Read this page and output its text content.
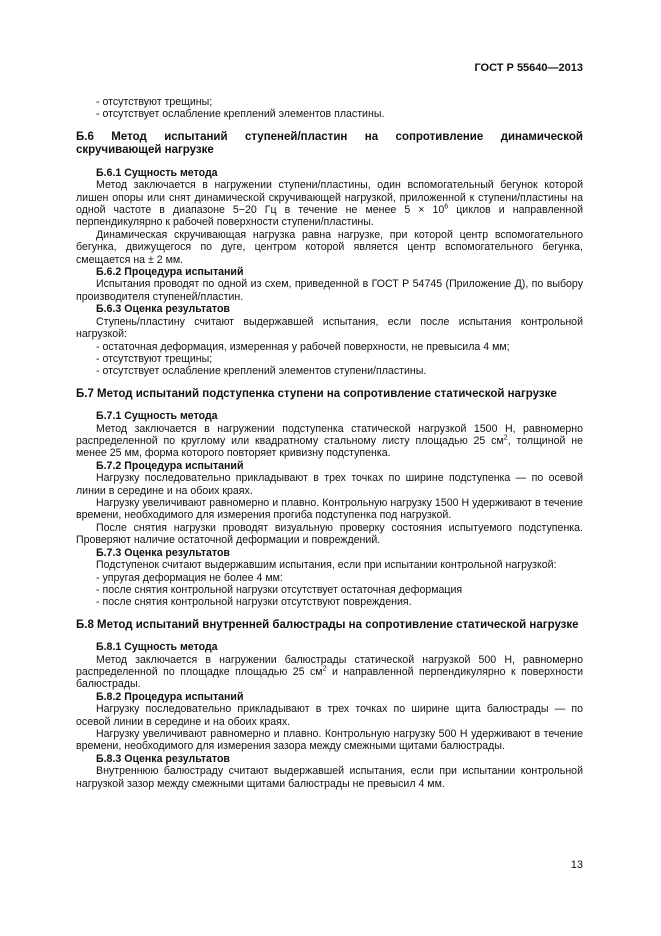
ГОСТ Р 55640—2013

- отсутствуют трещины;

- отсутствует ослабление креплений элементов пластины.

Б.6 Метод испытаний ступеней/пластин на сопротивление динамической скручивающей нагрузке

Б.6.1 Сущность метода

Метод заключается в нагружении ступени/пластины, один вспомогательный бегунок которой лишен опоры или снят динамической скручивающей нагрузкой, приложенной к ступени/пластины на одной частоте в диапазоне 5−20 Гц в течение не менее $5 \times 10^6$ циклов и направленной перпендикулярно к рабочей поверхности ступени/пластины.

Динамическая скручивающая нагрузка равна нагрузке, при которой центр вспомогательного бегунка, движущегося по дуге, центром которой является центр вспомогательного бегунка, смещается на ± 2 мм.

Б.6.2 Процедура испытаний

Испытания проводят по одной из схем, приведенной в ГОСТ Р 54745 (Приложение Д), по выбору производителя ступеней/пластин.

Б.6.3 Оценка результатов

Ступень/пластину считают выдержавшей испытания, если после испытания контрольной нагрузкой:

- остаточная деформация, измеренная у рабочей поверхности, не превысила 4 мм;

- отсутствуют трещины;

- отсутствует ослабление креплений элементов ступени/пластины.

Б.7 Метод испытаний подступенка ступени на сопротивление статической нагрузке

Б.7.1 Сущность метода

Метод заключается в нагружении подступенка статической нагрузкой 1500 Н, равномерно распределенной по круглому или квадратному стальному листу площадью 25 $см^2$, толщиной не менее 25 мм, форма которого повторяет кривизну подступенка.

Б.7.2 Процедура испытаний

Нагрузку последовательно прикладывают в трех точках по ширине подступенка — по осевой линии в середине и на обоих краях.

Нагрузку увеличивают равномерно и плавно. Контрольную нагрузку 1500 Н удерживают в течение времени, необходимого для измерения прогиба подступенка под нагрузкой.

После снятия нагрузки проводят визуальную проверку состояния испытуемого подступенка. Проверяют наличие остаточной деформации и повреждений.

Б.7.3 Оценка результатов

Подступенок считают выдержавшим испытания, если при испытании контрольной нагрузкой:

- упругая деформация не более 4 мм:

- после снятия контрольной нагрузки отсутствует остаточная деформация

- после снятия контрольной нагрузки отсутствуют повреждения.

Б.8 Метод испытаний внутренней балюстрады на сопротивление статической нагрузке

Б.8.1 Сущность метода

Метод заключается в нагружении балюстрады статической нагрузкой 500 Н, равномерно распределенной по площадке площадью 25 $см^2$ и направленной перпендикулярно к поверхности балюстрады.

Б.8.2 Процедура испытаний

Нагрузку последовательно прикладывают в трех точках по ширине щита балюстрады — по осевой линии в середине и на обоих краях.

Нагрузку увеличивают равномерно и плавно. Контрольную нагрузку 500 Н удерживают в течение времени, необходимого для измерения зазора между смежными щитами балюстрады.

Б.8.3 Оценка результатов

Внутреннюю балюстраду считают выдержавшей испытания, если при испытании контрольной нагрузкой зазор между смежными щитами балюстрады не превысил 4 мм.

13
